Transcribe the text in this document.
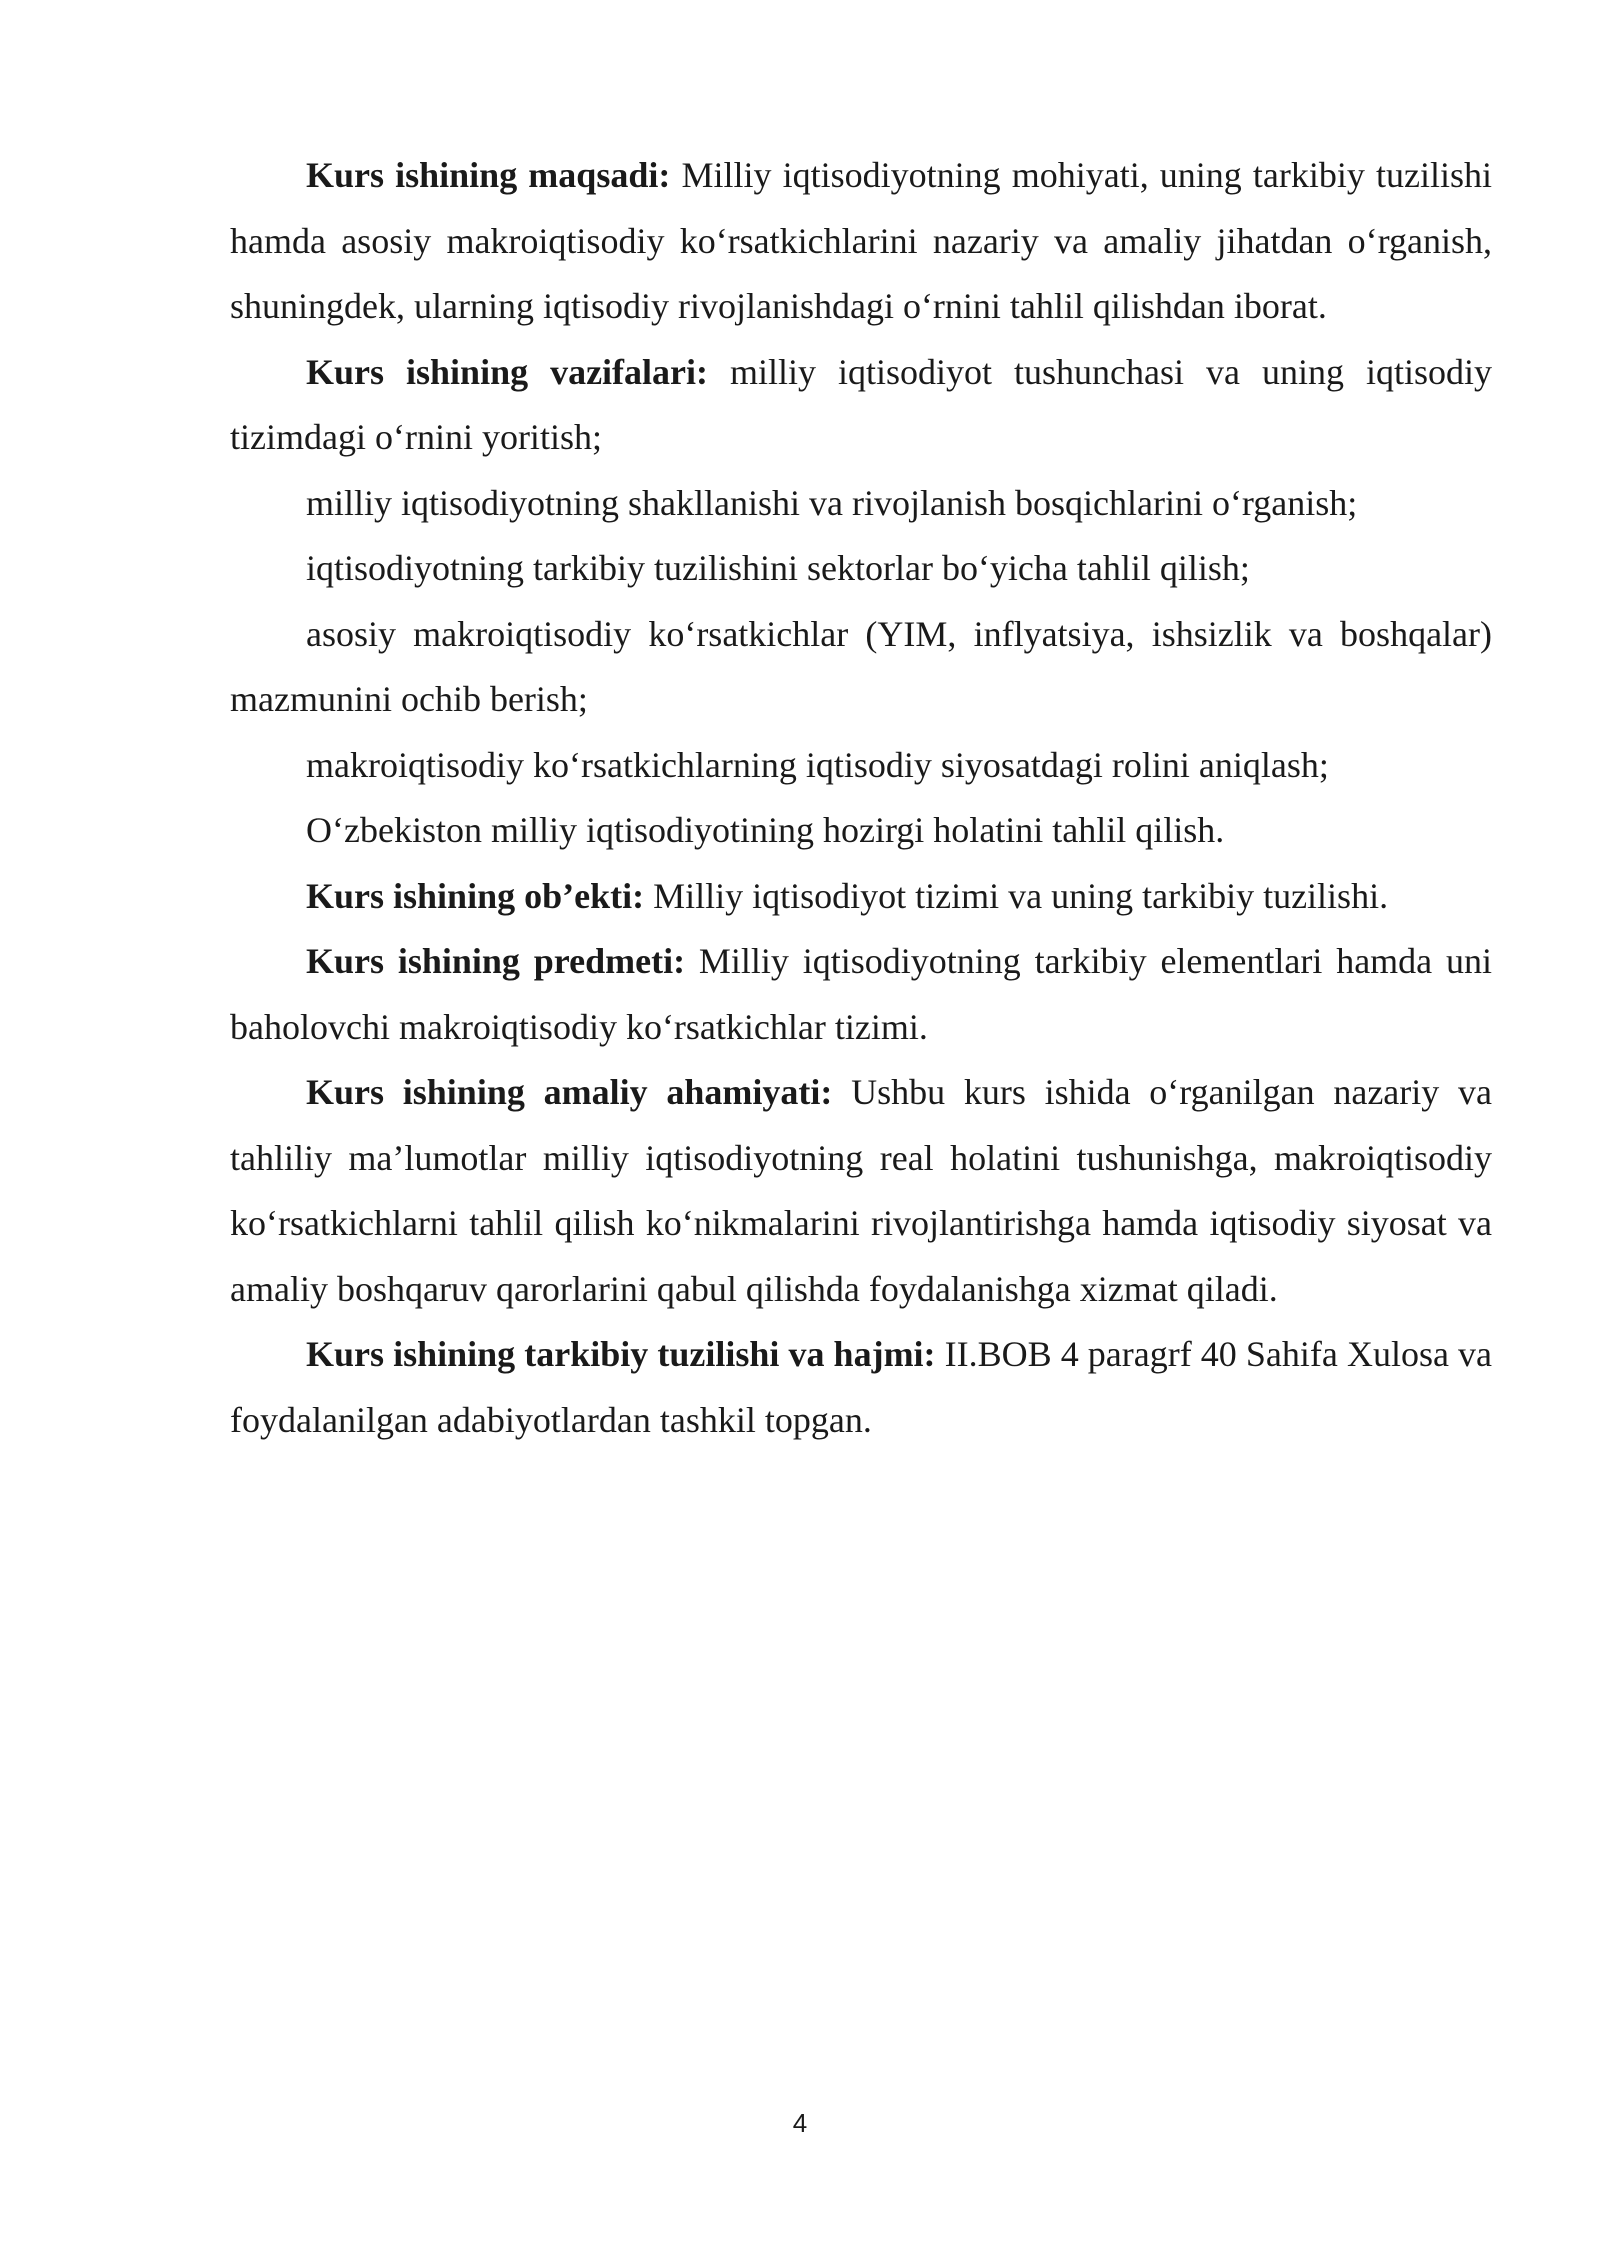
Kurs ishining maqsadi: Milliy iqtisodiyotning mohiyati, uning tarkibiy tuzilishi hamda asosiy makroiqtisodiy ko‘rsatkichlarini nazariy va amaliy jihatdan o‘rganish, shuningdek, ularning iqtisodiy rivojlanishdagi o‘rnini tahlil qilishdan iborat.

Kurs ishining vazifalari: milliy iqtisodiyot tushunchasi va uning iqtisodiy tizimdagi o‘rnini yoritish;

milliy iqtisodiyotning shakllanishi va rivojlanish bosqichlarini o‘rganish;

iqtisodiyotning tarkibiy tuzilishini sektorlar bo‘yicha tahlil qilish;

asosiy makroiqtisodiy ko‘rsatkichlar (YIM, inflyatsiya, ishsizlik va boshqalar) mazmunini ochib berish;

makroiqtisodiy ko‘rsatkichlarning iqtisodiy siyosatdagi rolini aniqlash;

O‘zbekiston milliy iqtisodiyotining hozirgi holatini tahlil qilish.

Kurs ishining ob’ekti: Milliy iqtisodiyot tizimi va uning tarkibiy tuzilishi.

Kurs ishining predmeti: Milliy iqtisodiyotning tarkibiy elementlari hamda uni baholovchi makroiqtisodiy ko‘rsatkichlar tizimi.

Kurs ishining amaliy ahamiyati: Ushbu kurs ishida o‘rganilgan nazariy va tahliliy ma’lumotlar milliy iqtisodiyotning real holatini tushunishga, makroiqtisodiy ko‘rsatkichlarni tahlil qilish ko‘nikmalarini rivojlantirishga hamda iqtisodiy siyosat va amaliy boshqaruv qarorlarini qabul qilishda foydalanishga xizmat qiladi.

Kurs ishining tarkibiy tuzilishi va hajmi: II.BOB 4 paragrf 40 Sahifa Xulosa va foydalanilgan adabiyotlardan tashkil topgan.

4
